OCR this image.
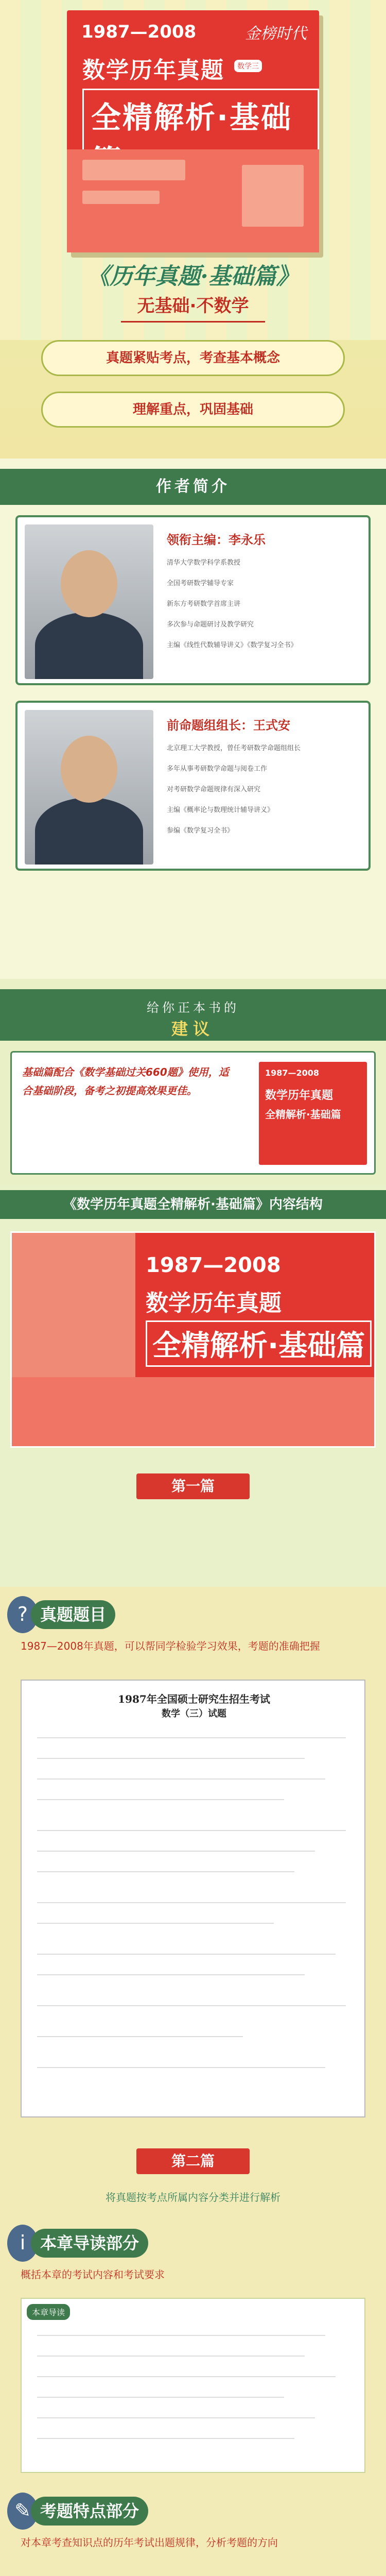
1987—2008	金榜时代
数学历年真题	数学三
全精解析·基础
《历年真题·基础篇》
无基础·不数学
真题紧贴考点，考查基本概念
理解重点，巩固基础
作者简介
领衔主编：李永乐
清华大学数学科学系教授
全国考研数学辅导专家
新东方考研数学首席主讲
多次参与命题研讨及教学研究
主编《线性代数辅导讲义》《数学复习全书》
前命题组组长：王式安
北京理工大学教授，曾任考研数学命题组组长
多年从事考研数学命题与阅卷工作
对考研数学命题规律有深入研究
主编《概率论与数理统计辅导讲义》
参编《数学复习全书》
给你正本书的
建议
基础篇配合《数学基础过关660题》使用，适合基础阶段，备考之初提高效果更佳。
1987—2008
数学历年真题
全精解析·基础篇
《数学历年真题全精解析·基础篇》内容结构
1987—2008
数学历年真题
全精解析·基础篇
第一篇
? 真题题目
1987—2008年真题，可以帮同学检验学习效果，考题的准确把握
1987年全国硕士研究生招生考试
数学（三）试题
第二篇
将真题按考点所属内容分类并进行解析
i 本章导读部分
概括本章的考试内容和考试要求
本章导读
✎ 考题特点部分
对本章考查知识点的历年考试出题规律，分析考题的方向
